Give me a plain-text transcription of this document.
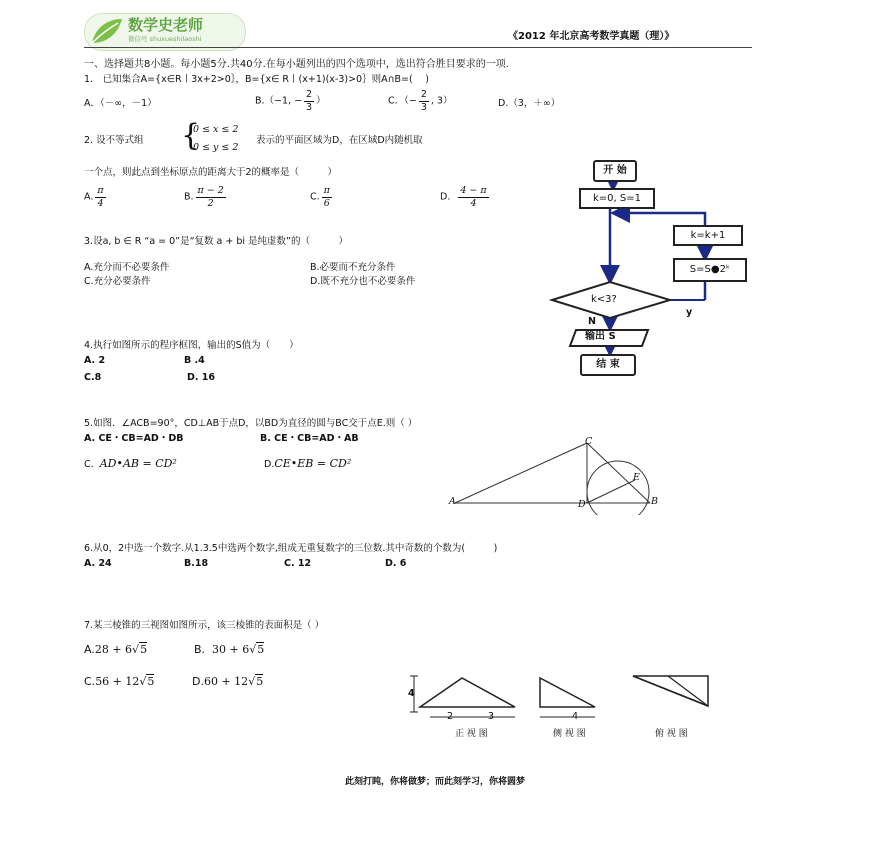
数学史老师
微信号 shuxueshilaoshi	《2012 年北京高考数学真题（理）》
一、选择题共8小题。每小题5分.共40分.在每小题列出的四个选项中，选出符合胜目要求的一项.
1． 已知集合A={x∈R丨3x+2>0｝，B={x∈ R丨(x+1)(x-3)>0｝则A∩B=(　 )
A．（－∞，－1）	B.（−1, − $\frac{2}{3}$ ）	C．（− $\frac{2}{3}$ , 3）	D.（3，＋∞）
2. 设不等式组 {
0 ≤ x ≤ 2
0 ≤ y ≤ 2
表示的平面区域为D，在区域D内随机取
一个点，则此点到坐标原点的距离大于2的概率是（　　　）
A. $\frac{\pi}{4}$	B. $\frac{\pi - 2}{2}$	C. $\frac{\pi}{6}$	D. $\frac{4 - \pi}{4}$
3.设a, b ∈ R “a = 0”是“复数 a + bi 是纯虚数”的（　　　）
A.充分而不必要条件	B.必要而不充分条件
C.充分必要条件	D.既不充分也不必要条件
4.执行如图所示的程序框图，输出的S值为（　　）
A. 2	B .4
C.8	D. 16
开 始
k=0, S=1
k=k+1
S=S●2ᵏ
k<3?
N
y
输出 S
结 束
5.如图．∠ACB=90°，CD⊥AB于点D，以BD为直径的圆与BC交于点E.则（ ）
A. CE・CB=AD・DB	B. CE・CB=AD・AB
C. AD•AB = CD²	D.CE•EB = CD²
A	B
C
D
E
6.从0，2中选一个数字.从1.3.5中选两个数字,组成无重复数字的三位数.其中奇数的个数为(　　　)
A. 24	B.18	C. 12	D. 6
7.某三棱锥的三视图如图所示，该三棱锥的表面积是（ ）
A.28 + 6√5	B. 30 + 6√5
C.56 + 12√5	D.60 + 12√5
4
2	3	4
正 视 图	侧 视 图	俯 视 图
此刻打盹，你将做梦；而此刻学习，你将圆梦
